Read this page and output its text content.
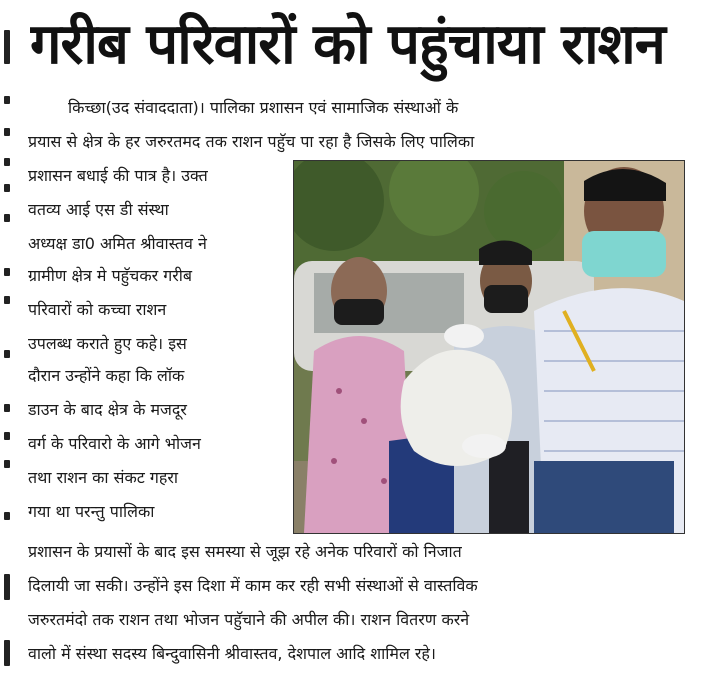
गरीब परिवारों को पहुंचाया राशन
किच्छा(उद संवाददाता)। पालिका प्रशासन एवं सामाजिक संस्थाओं के
प्रयास से क्षेत्र के हर जरुरतमद तक राशन पहुॅच पा रहा है जिसके लिए पालिका
प्रशासन बधाई की पात्र है। उक्त
वतव्य आई एस डी संस्था
अध्यक्ष डा0 अमित श्रीवास्तव ने
ग्रामीण क्षेत्र मे पहुॅचकर गरीब
परिवारों को कच्चा राशन
उपलब्ध कराते हुए कहे। इस
दौरान उन्होंने कहा कि लॉक
डाउन के बाद क्षेत्र के मजदूर
वर्ग के परिवारो के आगे भोजन
तथा राशन का संकट गहरा
गया था परन्तु पालिका
प्रशासन के प्रयासों के बाद इस समस्या से जूझ रहे अनेक परिवारों को निजात
दिलायी जा सकी। उन्होंने इस दिशा में काम कर रही सभी संस्थाओं से वास्तविक
जरुरतमंदो तक राशन तथा भोजन पहुॅचाने की अपील की। राशन वितरण करने
वालो में संस्था सदस्य बिन्दुवासिनी श्रीवास्तव, देशपाल आदि शामिल रहे।
